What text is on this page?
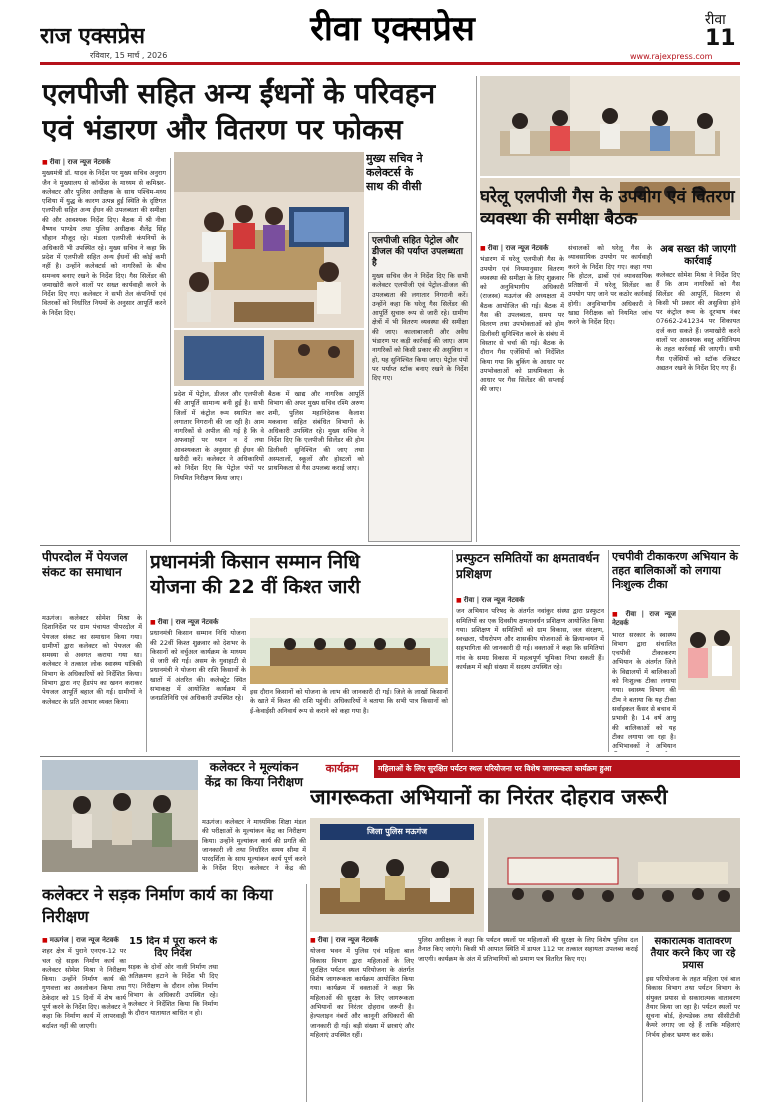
राज एक्सप्रेस
रविवार, 15 मार्च , 2026
रीवा एक्सप्रेस	रीवा
11
www.rajexpress.com
एलपीजी सहित अन्य ईंधनों के परिवहन
एवं भंडारण और वितरण पर फोकस
■ रीवा | राज न्यूज नेटवर्क
मुख्यमंत्री डॉ. यादव के निर्देश पर मुख्य सचिव अनुराग जैन ने मुख्यालय से कॉन्फ्रेंस के माध्यम से कमिश्नर-कलेक्टर और पुलिस अधीक्षक के साथ पश्चिम-मध्य एशिया में युद्ध के कारण उत्पन्न हुई स्थिति के दृष्टिगत एलपीजी सहित अन्य ईंधन की उपलब्धता की समीक्षा की और आवश्यक निर्देश दिए। बैठक में श्री नीवा वैष्णव पाण्डेय तथा पुलिस अधीक्षक शैलेंद्र सिंह चौहान मौजूद रहे। मंडला एलपीजी कंपनियों के अधिकारी भी उपस्थित रहे। मुख्य सचिव ने कहा कि प्रदेश में एलपीजी सहित अन्य ईंधनों की कोई कमी नहीं है। उन्होंने कलेक्टर्स को नागरिकों के बीच समन्वय बनाए रखने के निर्देश दिए। गैस सिलेंडर की जमाखोरी करने वालों पर सख्त कार्यवाही करने के निर्देश दिए गए। कलेक्टर ने सभी तेल कंपनियों एवं वितरकों को निर्धारित नियमों के अनुसार आपूर्ति करने के निर्देश दिए।
मुख्य सचिव ने कलेक्टर्स के साथ की वीसी
प्रदेश में पेट्रोल, डीजल और एलपीजी की आपूर्ति सामान्य बनी हुई है। सभी जिलों में कंट्रोल रूम स्थापित कर लगातार निगरानी की जा रही है। आम नागरिकों से अपील की गई है कि वे अफवाहों पर ध्यान न दें तथा आवश्यकता के अनुसार ही ईंधन की खरीदी करें। कलेक्टर ने अधिकारियों को निर्देश दिए कि पेट्रोल पंपों पर नियमित निरीक्षण किया जाए।
बैठक में खाद्य और नागरिक आपूर्ति विभाग की अपर मुख्य सचिव रश्मि अरुण शमी, पुलिस महानिदेशक कैलाश मकवाना सहित संबंधित विभागों के अधिकारी उपस्थित रहे। मुख्य सचिव ने निर्देश दिए कि एलपीजी सिलेंडर की होम डिलीवरी सुनिश्चित की जाए तथा अस्पतालों, स्कूलों और होस्टलों को प्राथमिकता से गैस उपलब्ध कराई जाए।
एलपीजी सहित पेट्रोल और डीजल की पर्याप्त उपलब्धता है
मुख्य सचिव जैन ने निर्देश दिए कि सभी कलेक्टर एलपीजी एवं पेट्रोल-डीजल की उपलब्धता की लगातार निगरानी करें। उन्होंने कहा कि घरेलू गैस सिलेंडर की आपूर्ति सुचारु रूप से जारी रहे। ग्रामीण क्षेत्रों में भी वितरण व्यवस्था की समीक्षा की जाए। कालाबाजारी और अवैध भंडारण पर कड़ी कार्रवाई की जाए। आम नागरिकों को किसी प्रकार की असुविधा न हो, यह सुनिश्चित किया जाए। पेट्रोल पंपों पर पर्याप्त स्टॉक बनाए रखने के निर्देश दिए गए।
घरेलू एलपीजी गैस के उपयोग एवं वितरण व्यवस्था की समीक्षा बैठक
■ रीवा | राज न्यूज नेटवर्क
भंडारण में घरेलू एलपीजी गैस के उपयोग एवं नियमानुसार वितरण व्यवस्था की समीक्षा के लिए शुक्रवार को अनुविभागीय अधिकारी (राजस्व) मऊगंज की अध्यक्षता में बैठक आयोजित की गई। बैठक में गैस की उपलब्धता, समय पर वितरण तथा उपभोक्ताओं को होम डिलीवरी सुनिश्चित करने के संबंध में विस्तार से चर्चा की गई। बैठक के दौरान गैस एजेंसियों को निर्देशित किया गया कि बुकिंग के आधार पर उपभोक्ताओं को प्राथमिकता के आधार पर गैस सिलेंडर की सप्लाई की जाए।
संचालकों को घरेलू गैस के व्यावसायिक उपयोग पर कार्यवाही करने के निर्देश दिए गए। कहा गया कि होटल, ढाबों एवं व्यावसायिक प्रतिष्ठानों में घरेलू सिलेंडर का उपयोग पाए जाने पर कठोर कार्रवाई होगी। अनुविभागीय अधिकारी ने खाद्य निरीक्षक को नियमित जांच करने के निर्देश दिए।
अब सख्त की जाएगी कार्रवाई
कलेक्टर सोमेश मिश्रा ने निर्देश दिए हैं कि आम नागरिकों को गैस सिलेंडर की आपूर्ति, वितरण से किसी भी प्रकार की असुविधा होने पर कंट्रोल रूम के दूरभाष नंबर 07662-241234 पर शिकायत दर्ज करा सकते हैं। जमाखोरी करने वालों पर आवश्यक वस्तु अधिनियम के तहत कार्रवाई की जाएगी। सभी गैस एजेंसियों को स्टॉक रजिस्टर अद्यतन रखने के निर्देश दिए गए हैं।
पीपरदोल में पेयजल संकट का समाधान
मऊगंज। कलेक्टर सोमेश मिश्रा के दिशानिर्देश पर ग्राम पंचायत पीपरदोल में पेयजल संकट का समाधान किया गया। ग्रामीणों द्वारा कलेक्टर को पेयजल की समस्या से अवगत कराया गया था। कलेक्टर ने तत्काल लोक स्वास्थ्य यांत्रिकी विभाग के अधिकारियों को निर्देशित किया। विभाग द्वारा नए हैंडपंप का खनन कराकर पेयजल आपूर्ति बहाल की गई। ग्रामीणों ने कलेक्टर के प्रति आभार व्यक्त किया।
प्रधानमंत्री किसान सम्मान निधि
योजना की 22 वीं किश्त जारी
■ रीवा | राज न्यूज नेटवर्क
प्रधानमंत्री किसान सम्मान निधि योजना की 22वीं किश्त शुक्रवार को देशभर के किसानों को वर्चुअल कार्यक्रम के माध्यम से जारी की गई। असम के गुवाहाटी से प्रधानमंत्री ने योजना की राशि किसानों के खातों में अंतरित की। कलेक्ट्रेट स्थित सभाकक्ष में आयोजित कार्यक्रम में जनप्रतिनिधि एवं अधिकारी उपस्थित रहे।
इस दौरान किसानों को योजना के लाभ की जानकारी दी गई। जिले के लाखों किसानों के खाते में किश्त की राशि पहुंची। अधिकारियों ने बताया कि सभी पात्र किसानों को ई-केवाईसी अनिवार्य रूप से कराने को कहा गया है।
प्रस्फुटन समितियों का क्षमतावर्धन प्रशिक्षण
■ रीवा | राज न्यूज नेटवर्क
जन अभियान परिषद के अंतर्गत नवांकुर संस्था द्वारा प्रस्फुटन समितियों का एक दिवसीय क्षमतावर्धन प्रशिक्षण आयोजित किया गया। प्रशिक्षण में समितियों को ग्राम विकास, जल संरक्षण, स्वच्छता, पौधरोपण और शासकीय योजनाओं के क्रियान्वयन में सहभागिता की जानकारी दी गई। वक्ताओं ने कहा कि समितियां गांव के समग्र विकास में महत्वपूर्ण भूमिका निभा सकती हैं। कार्यक्रम में बड़ी संख्या में सदस्य उपस्थित रहे।
एचपीवी टीकाकरण अभियान के तहत बालिकाओं को लगाया निःशुल्क टीका
■ रीवा | राज न्यूज नेटवर्क
भारत सरकार के स्वास्थ्य विभाग द्वारा संचालित एचपीवी टीकाकरण अभियान के अंतर्गत जिले के विद्यालयों में बालिकाओं को निःशुल्क टीका लगाया गया। स्वास्थ्य विभाग की टीम ने बताया कि यह टीका सर्वाइकल कैंसर से बचाव में प्रभावी है। 14 वर्ष आयु की बालिकाओं को यह टीका लगाया जा रहा है। अभिभावकों ने अभियान
कलेक्टर ने मूल्यांकन केंद्र का किया निरीक्षण
मऊगंज। कलेक्टर ने माध्यमिक शिक्षा मंडल की परीक्षाओं के मूल्यांकन केंद्र का निरीक्षण किया। उन्होंने मूल्यांकन कार्य की प्रगति की जानकारी ली तथा निर्धारित समय सीमा में पारदर्शिता के साथ मूल्यांकन कार्य पूर्ण करने के निर्देश दिए। कलेक्टर ने केंद्र की
कार्यक्रम	महिलाओं के लिए सुरक्षित पर्यटन स्थल परियोजना पर विशेष जागरूकता कार्यक्रम हुआ
जागरूकता अभियानों का निरंतर दोहराव जरूरी
जिला पुलिस मऊगंज
कलेक्टर ने सड़क निर्माण कार्य का किया निरीक्षण
■ मऊगंज | राज न्यूज नेटवर्क
शहर क्षेत्र में पुराने एनएच-12 पर चल रहे सड़क निर्माण कार्य का कलेक्टर सोमेश मिश्रा ने निरीक्षण किया। उन्होंने निर्माण कार्य की गुणवत्ता का अवलोकन किया तथा ठेकेदार को 15 दिनों में शेष कार्य पूर्ण करने के निर्देश दिए। कलेक्टर ने कहा कि निर्माण कार्य में लापरवाही बर्दाश्त नहीं की जाएगी।
15 दिन में पूरा करने के दिए निर्देश
सड़क के दोनों ओर नाली निर्माण तथा अतिक्रमण हटाने के निर्देश भी दिए गए। निरीक्षण के दौरान लोक निर्माण विभाग के अधिकारी उपस्थित रहे। कलेक्टर ने निर्देशित किया कि निर्माण के दौरान यातायात बाधित न हो।
■ रीवा | राज न्यूज नेटवर्क
योजना भवन में पुलिस एवं महिला बाल विकास विभाग द्वारा महिलाओं के लिए सुरक्षित पर्यटन स्थल परियोजना के अंतर्गत विशेष जागरूकता कार्यक्रम आयोजित किया गया। कार्यक्रम में वक्ताओं ने कहा कि महिलाओं की सुरक्षा के लिए जागरूकता अभियानों का निरंतर दोहराव जरूरी है। हेल्पलाइन नंबरों और कानूनी अधिकारों की जानकारी दी गई। बड़ी संख्या में छात्राएं और महिलाएं उपस्थित रहीं।
पुलिस अधीक्षक ने कहा कि पर्यटन स्थलों पर महिलाओं की सुरक्षा के लिए विशेष पुलिस दल तैनात किए जाएंगे। किसी भी आपात स्थिति में डायल 112 पर तत्काल सहायता उपलब्ध कराई जाएगी। कार्यक्रम के अंत में प्रतिभागियों को प्रमाण पत्र वितरित किए गए।
सकारात्मक वातावरण तैयार करने किए जा रहे प्रयास
इस परियोजना के तहत महिला एवं बाल विकास विभाग तथा पर्यटन विभाग के संयुक्त प्रयास से सकारात्मक वातावरण तैयार किया जा रहा है। पर्यटन स्थलों पर सूचना बोर्ड, हेल्पडेस्क तथा सीसीटीवी कैमरे लगाए जा रहे हैं ताकि महिलाएं निर्भय होकर भ्रमण कर सकें।
